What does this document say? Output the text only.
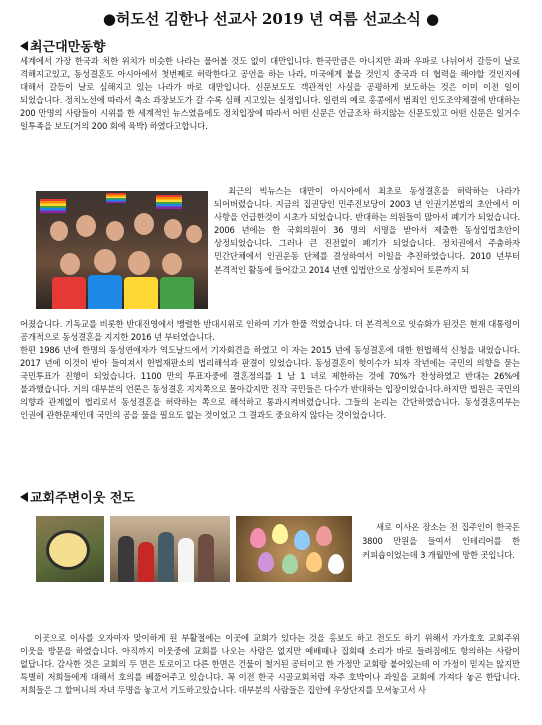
●허도선 김한나 선교사 2019 년 여름 선교소식 ●
최근대만동향

세계에서 가장 한국과 처한 위치가 비슷한 나라는 물어볼 것도 없이 대만입니다. 한국만큼은 아니지만 좌파 우파로 나뉘어서 갈등이 날로 격해지고있고, 동성결혼도 아시아에서 첫번째로 허락한다고 공언을 하는 나라, 미국에게 붙을 것인지 중국과 더 협력을 해야할 것인지에 대해서 갈등이 날로 심해지고 있는 나라가 바로 대만입니다. 신문보도도 객관적인 사실을 공평하게 보도하는 것은 이미 이전 일이 되었습니다. 정치노선에 따라서 축소 과장보도가 갈 수록 심해 지고있는 실정입니다. 일련의 예로 홍콩에서 범죄인 인도조약체결에 반대하는 200 만명의 사람들이 시위를 한 세계적인 뉴스였음에도 정치입장에 따라서 어떤 신문은 언급조차 하지않는 신문도있고 어떤 신문은 일거수 일투족을 보도(거의 200 회에 육박) 하였다고합니다.

최근의 빅뉴스는 대만이 아시아에서 최초로 동성결혼을 허락하는 나라가 되어버렸습니다. 지금의 집권당인 민주진보당이 2003 년 인권기본법의 초안에서 이 사항을 언급한것이 시초가 되었습니다. 반대하는 의원들이 많아서 폐기가 되었습니다. 2006 년에는 한 국회의원이 36 명의 서명을 받아서 제출한 동성입법초안이 상정되었습니다. 그러나 큰 진전없이 폐기가 되었습니다. 정치권에서 주춤하자 민간단체에서 인권운동 단체를 결성하여서 이일을 추진하였습니다. 2010 년부터 본격적인 활동에 들어갔고 2014 년엔 입법안으로 상정되어 토론까지 되

어졌습니다. 기독교를 비롯한 반대진영에서 맹렬한 반대시위로 인하여 기가 한풀 꺽였습니다. 더 본격적으로 잇슈화가 된것은 현재 대통령이 공개적으로 동성결혼을 지지한 2016 년 부터였습니다.

한편 1986 년에 한명의 동성연애자가 역도날드에서 기자회견을 하였고 이 자는 2015 년에 동성결혼에 대한 헌법해석 신청을 내었습니다. 2017 년에 이것이 받아 들여져서 헌법재판소의 법리해석과 판결이 있었습니다. 동성결혼이 헛이수가 되자 작년에는 국민의 의향을 묻는 국민투표가 진행이 되었습니다. 1100 만의 투표자중에 결혼정의를 1 남 1 녀로 제한하는 것에 70%가 찬성하였고 반대는 26%에 불과했습니다. 거의 대부분의 언론은 동성결혼 지지쪽으로 몰아갔지만 진작 국민들은 다수가 반대하는 입장이었습니다.하지만 법원은 국민의 의향과 관계없이 법리로서 동성결혼을 허락하는 쪽으로 해석하고 통과시켜버렸습니다. 그들의 논리는 간단하였습니다. 동성결혼여부는 인권에 관한문제인데 국민의 공을 물을 필요도 없는 것이었고 그 결과도 중요하지 않다는 것이었습니다.

교회주변이웃 전도

새로 이사온 장소는 전 집주인이 한국돈 3800 만원을 들여서 인테리어를 한 커피숍이었는데 3 개월만에 망한 곳입니다.

이곳으로 이사를 오자마자 맞이하게 된 부활절에는 이곳에 교회가 있다는 것을 홍보도 하고 전도도 하기 위해서 가가호호 교회주위 이웃을 방문을 하였습니다. 아직까지 이웃중에 교회를 나오는 사람은 없지만 예배때나 집회때 소리가 바로 들려짐에도 항의하는 사람이 없답니다. 감사한 것은 교회의 두 면은 토로이고 다른 한면은 건물이 철거된 공터이고 한 가정만 교회랑 붙어있는데 이 가정이 믿지는 않지만 특별히 저희들에게 대해서 호의를 베풀어주고 있습니다. 꼭 이전 한국 시골교회처럼 자주 호박이나 과일을 교회에 가져다 놓곤 한답니다. 저희들은 그 할머니의 자녀 두명을 놓고서 기도하고있습니다. 대부분의 사람들은 집안에 우상단지를 모셔놓고서 사
